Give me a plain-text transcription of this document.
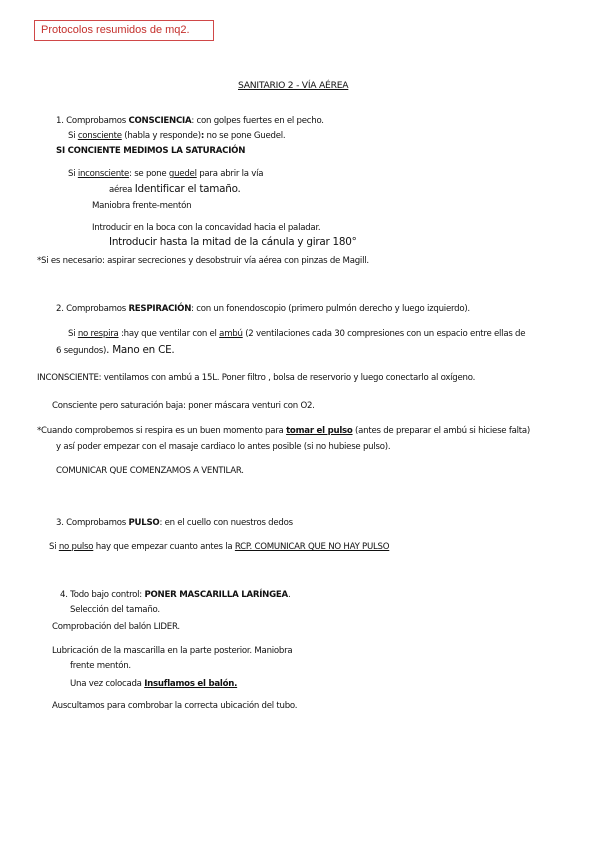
Protocolos resumidos de mq2.
SANITARIO 2 - VÍA AÉREA
1. Comprobamos CONSCIENCIA: con golpes fuertes en el pecho.
Si consciente (habla y responde): no se pone Guedel.
SI CONCIENTE MEDIMOS LA SATURACIÓN
Si inconsciente: se pone guedel para abrir la vía
aérea Identificar el tamaño.
Maniobra frente-mentón
Introducir en la boca con la concavidad hacia el paladar.
Introducir hasta la mitad de la cánula y girar 180°
*Si es necesario: aspirar secreciones y desobstruir vía aérea con pinzas de Magill.
2. Comprobamos RESPIRACIÓN: con un fonendoscopio (primero pulmón derecho y luego izquierdo).
Si no respira :hay que ventilar con el ambú (2 ventilaciones cada 30 compresiones con un espacio entre ellas de
6 segundos). Mano en CE.
INCONSCIENTE: ventilamos con ambú a 15L. Poner filtro , bolsa de reservorio y luego conectarlo al oxígeno.
Consciente pero saturación baja: poner máscara venturi con O2.
*Cuando comprobemos si respira es un buen momento para tomar el pulso (antes de preparar el ambú si hiciese falta)
y así poder empezar con el masaje cardiaco lo antes posible (si no hubiese pulso).
COMUNICAR QUE COMENZAMOS A VENTILAR.
3. Comprobamos PULSO: en el cuello con nuestros dedos
Si no pulso hay que empezar cuanto antes la RCP. COMUNICAR QUE NO HAY PULSO
4. Todo bajo control: PONER MASCARILLA LARÍNGEA.
Selección del tamaño.
Comprobación del balón LIDER.
Lubricación de la mascarilla en la parte posterior. Maniobra
frente mentón.
Una vez colocada Insuflamos el balón.
Auscultamos para combrobar la correcta ubicación del tubo.
